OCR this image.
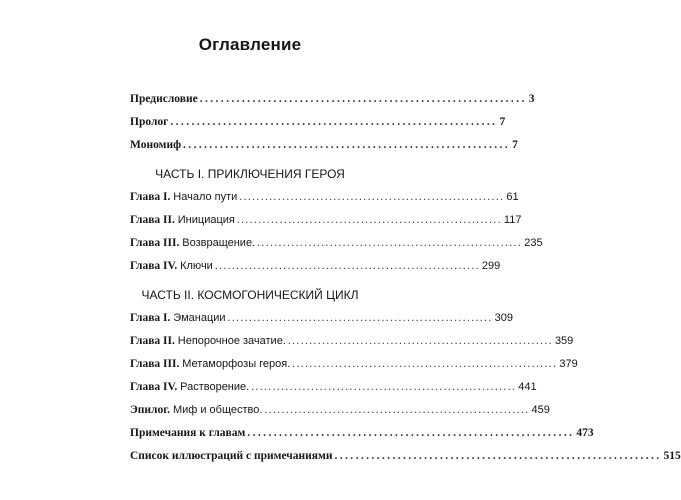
Оглавление
Предисловие .............................................................. 3
Пролог .............................................................. 7
Мономиф .............................................................. 7
ЧАСТЬ I. ПРИКЛЮЧЕНИЯ ГЕРОЯ
Глава I. Начало пути .............................................................. 61
Глава II. Инициация .............................................................. 117
Глава III. Возвращение. .............................................................. 235
Глава IV. Ключи .............................................................. 299
ЧАСТЬ II. КОСМОГОНИЧЕСКИЙ ЦИКЛ
Глава I. Эманации .............................................................. 309
Глава II. Непорочное зачатие. .............................................................. 359
Глава III. Метаморфозы героя. .............................................................. 379
Глава IV. Растворение. .............................................................. 441
Эпилог. Миф и общество. .............................................................. 459
Примечания к главам .............................................................. 473
Список иллюстраций с примечаниями .............................................................. 515
